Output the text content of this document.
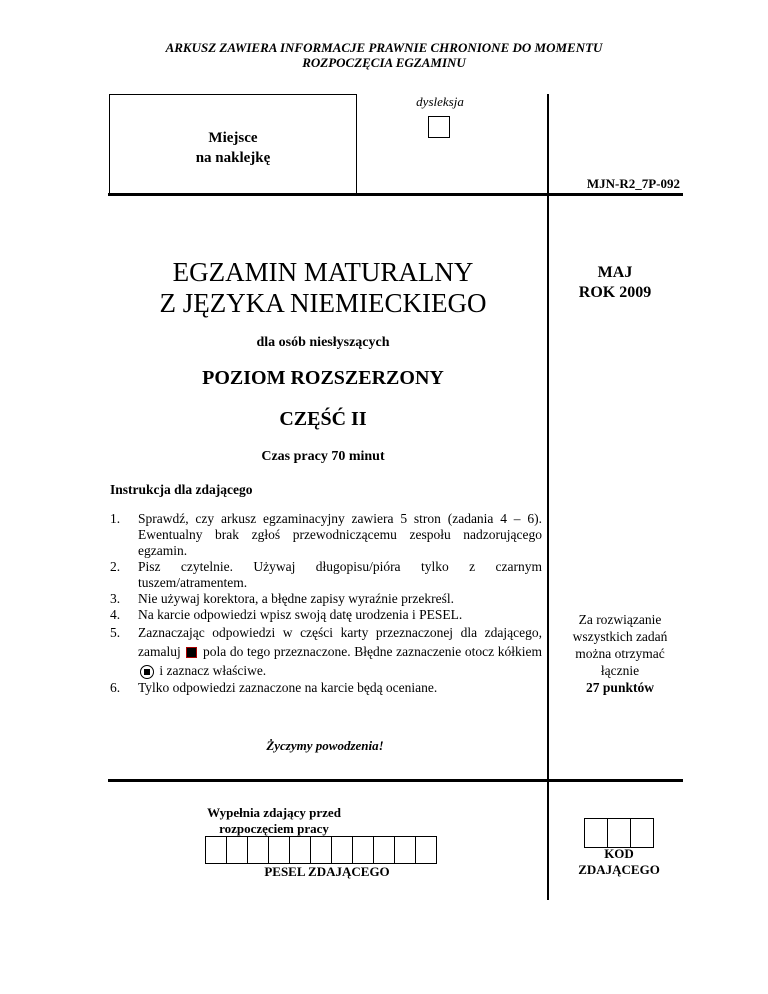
ARKUSZ ZAWIERA INFORMACJE PRAWNIE CHRONIONE DO MOMENTU
ROZPOCZĘCIA EGZAMINU
Miejsce
na naklejkę
dysleksja
MJN-R2_7P-092
EGZAMIN MATURALNY
Z JĘZYKA NIEMIECKIEGO
MAJ
ROK 2009
dla osób niesłyszących
POZIOM ROZSZERZONY
CZĘŚĆ II
Czas pracy 70 minut
Instrukcja dla zdającego
1.	Sprawdź, czy arkusz egzaminacyjny zawiera 5 stron (zadania 4 – 6). Ewentualny brak zgłoś przewodniczącemu zespołu nadzorującego egzamin.
2.	Pisz czytelnie. Używaj długopisu/pióra tylko z czarnym tuszem/atramentem.
3.	Nie używaj korektora, a błędne zapisy wyraźnie przekreśl.
4.	Na karcie odpowiedzi wpisz swoją datę urodzenia i PESEL.
5.	Zaznaczając odpowiedzi w części karty przeznaczonej dla zdającego, zamaluj pola do tego przeznaczone. Błędne zaznaczenie otocz kółkiem  i zaznacz właściwe.
6.	Tylko odpowiedzi zaznaczone na karcie będą oceniane.
Za rozwiązanie
wszystkich zadań
można otrzymać
łącznie
27 punktów
Życzymy powodzenia!
Wypełnia zdający przed
rozpoczęciem pracy
PESEL ZDAJĄCEGO
KOD
ZDAJĄCEGO
